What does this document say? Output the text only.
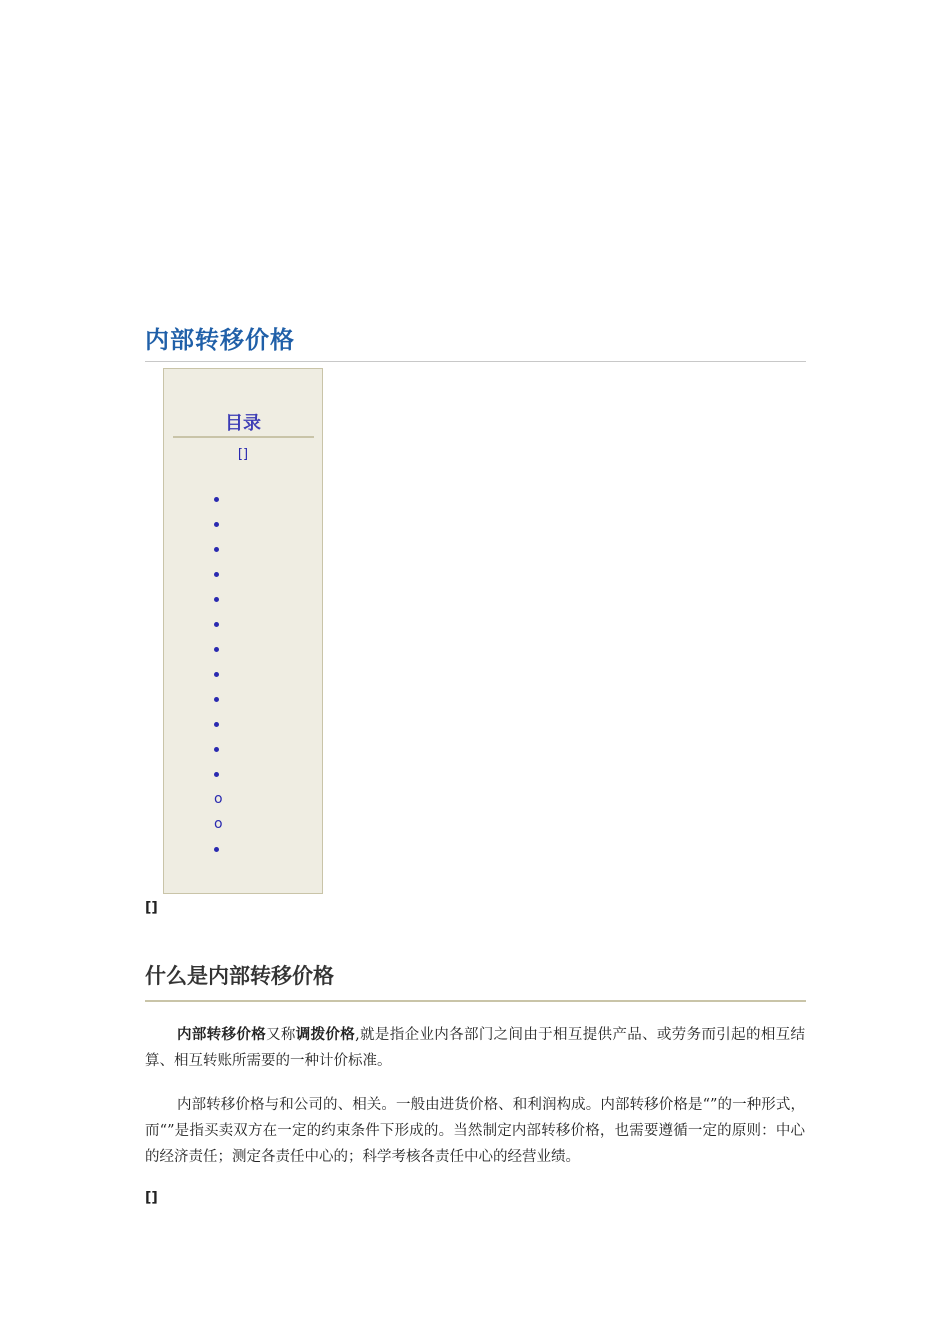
内部转移价格
目录
[]
o
o
[]
什么是内部转移价格

内部转移价格又称调拨价格,就是指企业内各部门之间由于相互提供产品、或劳务而引起的相互结算、相互转账所需要的一种计价标准。

内部转移价格与和公司的、相关。一般由进货价格、和利润构成。内部转移价格是“”的一种形式，而“”是指买卖双方在一定的约束条件下形成的。当然制定内部转移价格，也需要遵循一定的原则：中心的经济责任；测定各责任中心的；科学考核各责任中心的经营业绩。

[]
